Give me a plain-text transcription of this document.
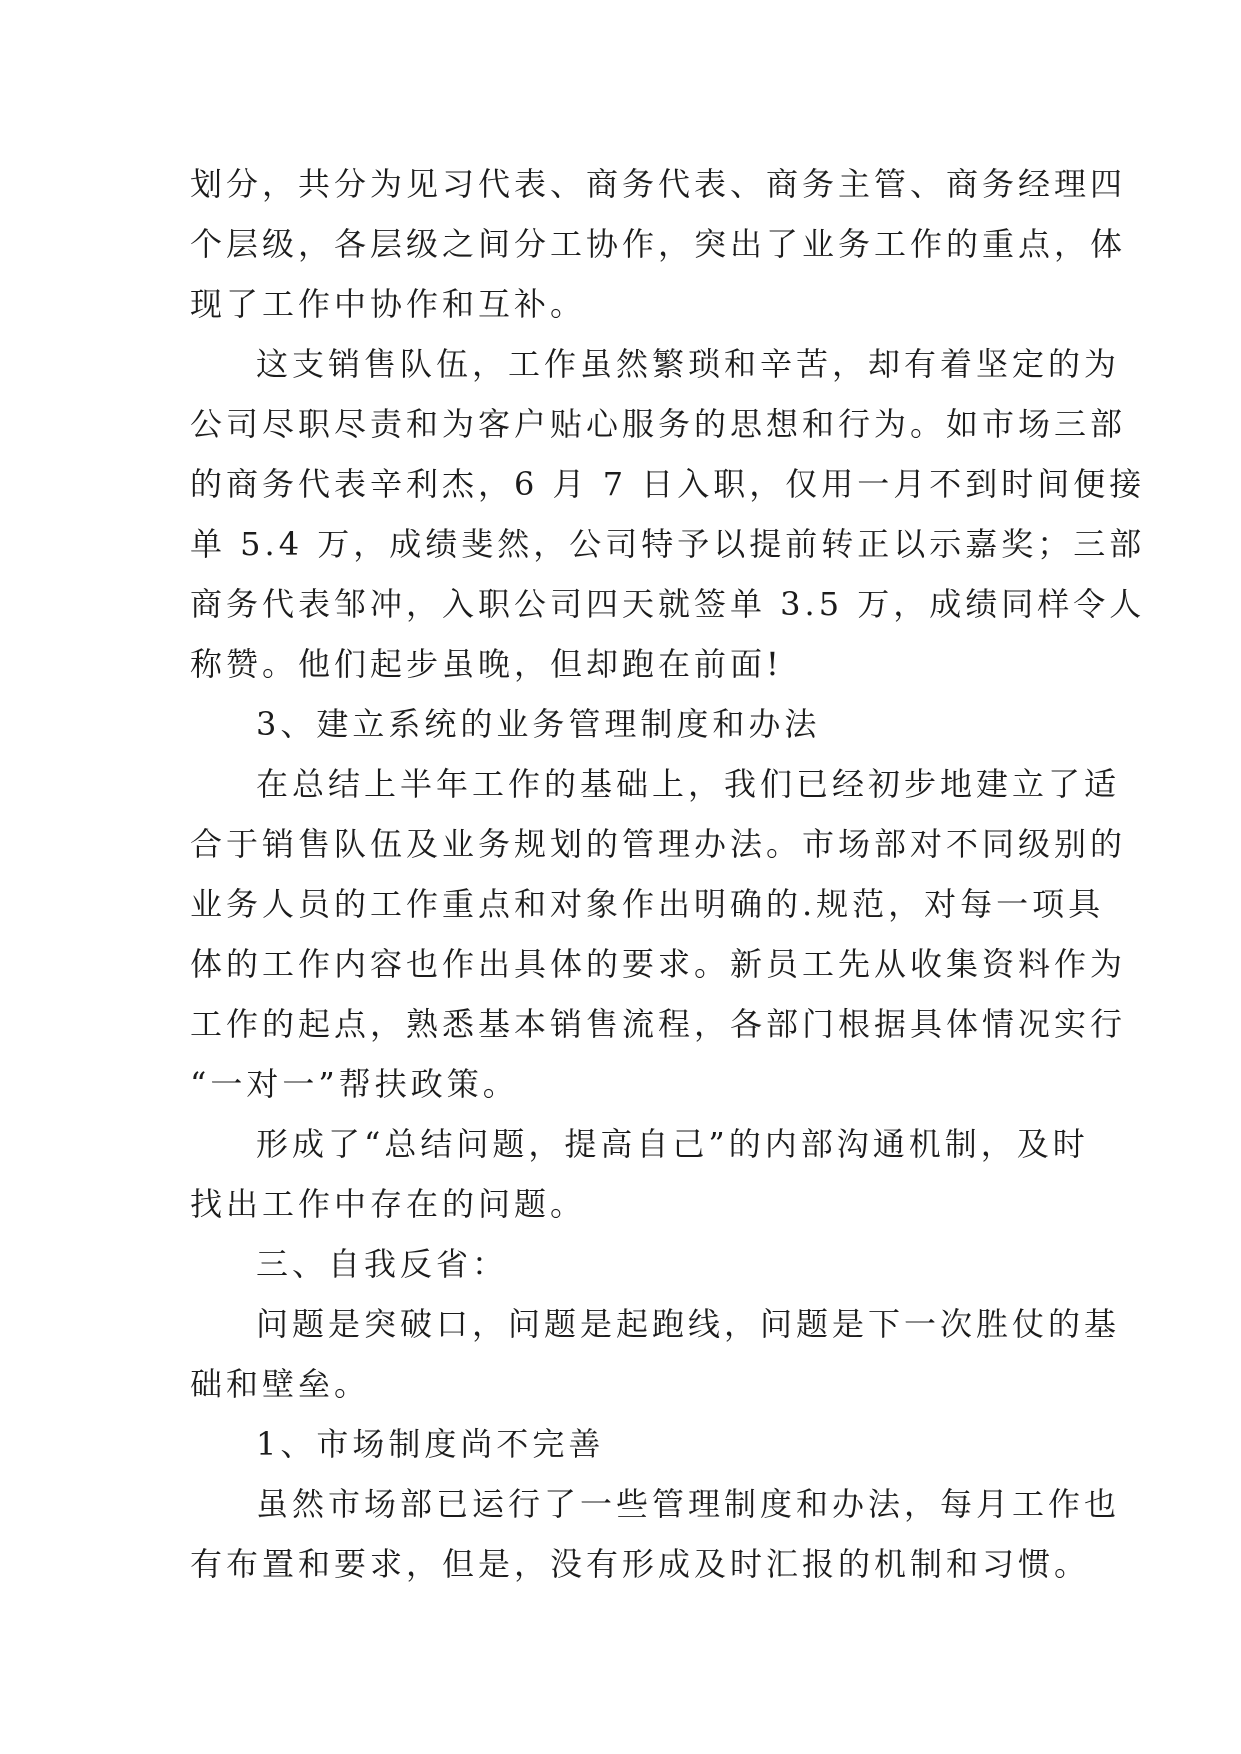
划分，共分为见习代表、商务代表、商务主管、商务经理四
个层级，各层级之间分工协作，突出了业务工作的重点，体
现了工作中协作和互补。
这支销售队伍，工作虽然繁琐和辛苦，却有着坚定的为
公司尽职尽责和为客户贴心服务的思想和行为。如市场三部
的商务代表辛利杰，6 月 7 日入职，仅用一月不到时间便接
单 5.4 万，成绩斐然，公司特予以提前转正以示嘉奖；三部
商务代表邹冲，入职公司四天就签单 3.5 万，成绩同样令人
称赞。他们起步虽晚，但却跑在前面!
3、建立系统的业务管理制度和办法
在总结上半年工作的基础上，我们已经初步地建立了适
合于销售队伍及业务规划的管理办法。市场部对不同级别的
业务人员的工作重点和对象作出明确的.规范，对每一项具
体的工作内容也作出具体的要求。新员工先从收集资料作为
工作的起点，熟悉基本销售流程，各部门根据具体情况实行
“一对一”帮扶政策。
形成了“总结问题，提高自己”的内部沟通机制，及时
找出工作中存在的问题。
三、自我反省：
问题是突破口，问题是起跑线，问题是下一次胜仗的基
础和壁垒。
1、市场制度尚不完善
虽然市场部已运行了一些管理制度和办法，每月工作也
有布置和要求，但是，没有形成及时汇报的机制和习惯。
